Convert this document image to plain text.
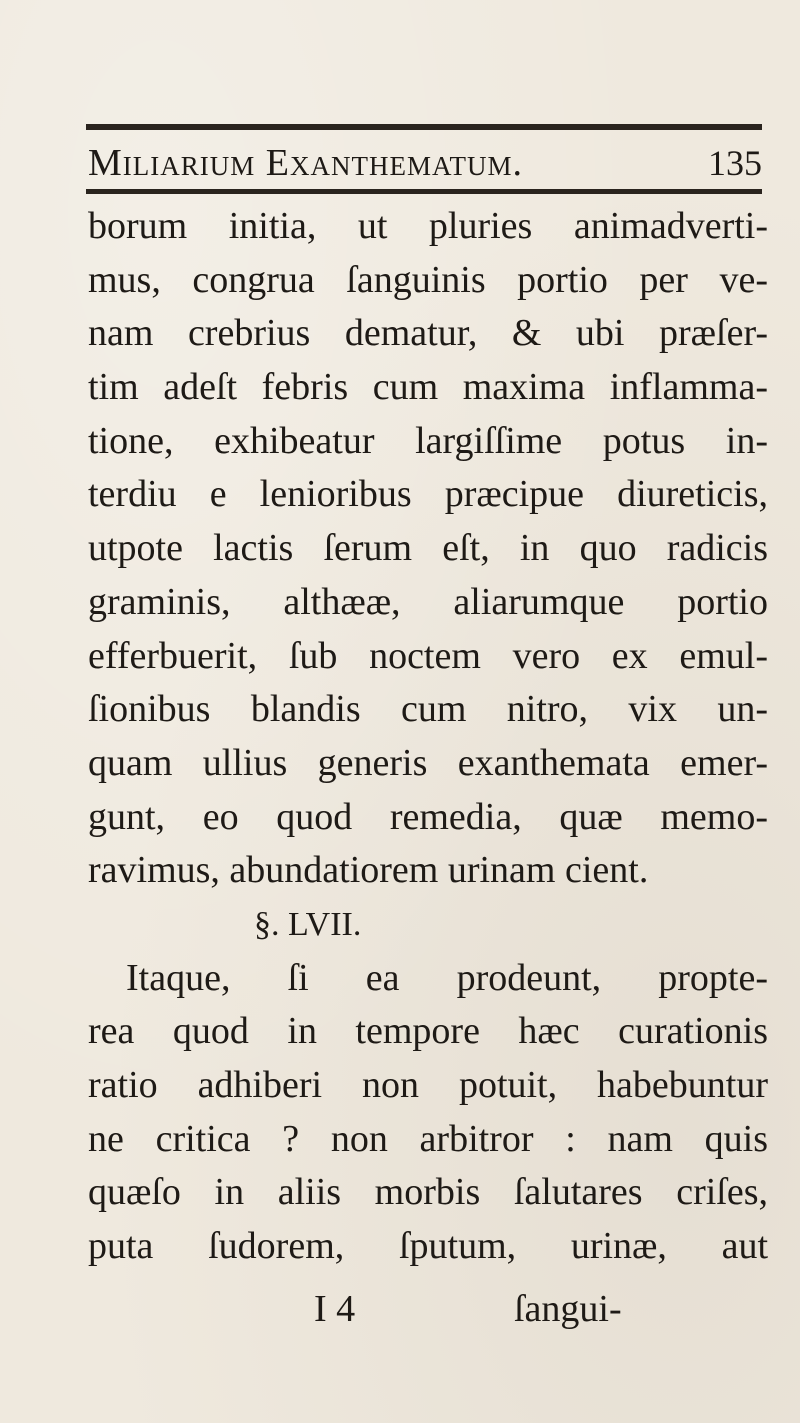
Miliarium Exanthematum.	135
borum initia, ut pluries animadverti-
mus, congrua ſanguinis portio per ve-
nam crebrius dematur, & ubi præſer-
tim adeſt febris cum maxima inflamma-
tione, exhibeatur largiſſime potus in-
terdiu e lenioribus præcipue diureticis,
utpote lactis ſerum eſt, in quo radicis
graminis, althææ, aliarumque portio
efferbuerit, ſub noctem vero ex emul-
ſionibus blandis cum nitro, vix un-
quam ullius generis exanthemata emer-
gunt, eo quod remedia, quæ memo-
ravimus, abundatiorem urinam cient.
§. LVII.
Itaque, ſi ea prodeunt, propte-
rea quod in tempore hæc curationis
ratio adhiberi non potuit, habebuntur
ne critica ? non arbitror : nam quis
quæſo in aliis morbis ſalutares criſes,
puta ſudorem, ſputum, urinæ, aut
I 4	ſangui-
